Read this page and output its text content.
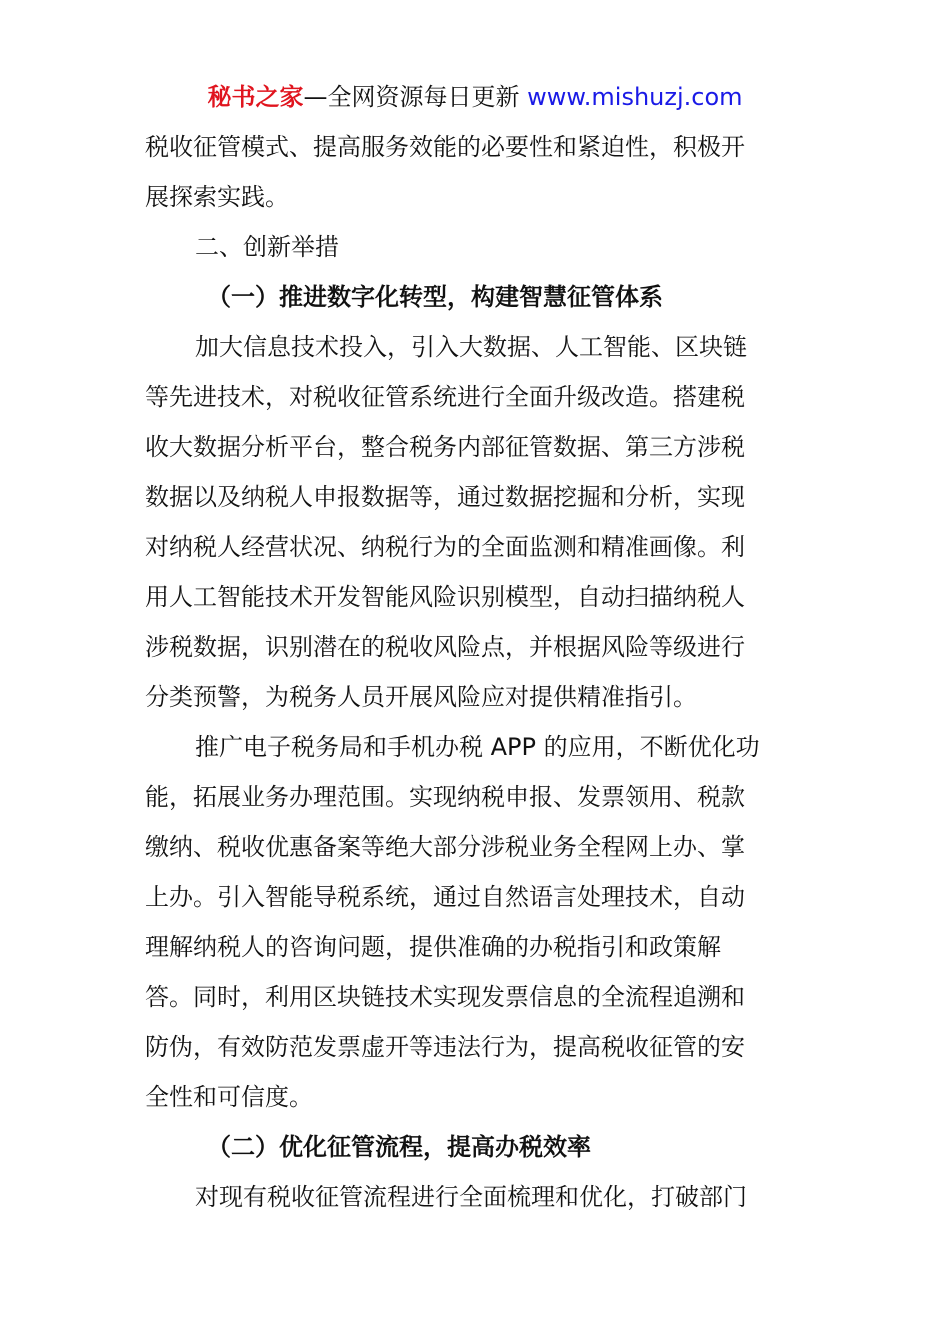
秘书之家—全网资源每日更新 www.mishuzj.com

税收征管模式、提高服务效能的必要性和紧迫性，积极开

展探索实践。

二、创新举措

（一）推进数字化转型，构建智慧征管体系

加大信息技术投入，引入大数据、人工智能、区块链

等先进技术，对税收征管系统进行全面升级改造。搭建税

收大数据分析平台，整合税务内部征管数据、第三方涉税

数据以及纳税人申报数据等，通过数据挖掘和分析，实现

对纳税人经营状况、纳税行为的全面监测和精准画像。利

用人工智能技术开发智能风险识别模型，自动扫描纳税人

涉税数据，识别潜在的税收风险点，并根据风险等级进行

分类预警，为税务人员开展风险应对提供精准指引。

推广电子税务局和手机办税 APP 的应用，不断优化功

能，拓展业务办理范围。实现纳税申报、发票领用、税款

缴纳、税收优惠备案等绝大部分涉税业务全程网上办、掌

上办。引入智能导税系统，通过自然语言处理技术，自动

理解纳税人的咨询问题，提供准确的办税指引和政策解

答。同时，利用区块链技术实现发票信息的全流程追溯和

防伪，有效防范发票虚开等违法行为，提高税收征管的安

全性和可信度。

（二）优化征管流程，提高办税效率

对现有税收征管流程进行全面梳理和优化，打破部门
